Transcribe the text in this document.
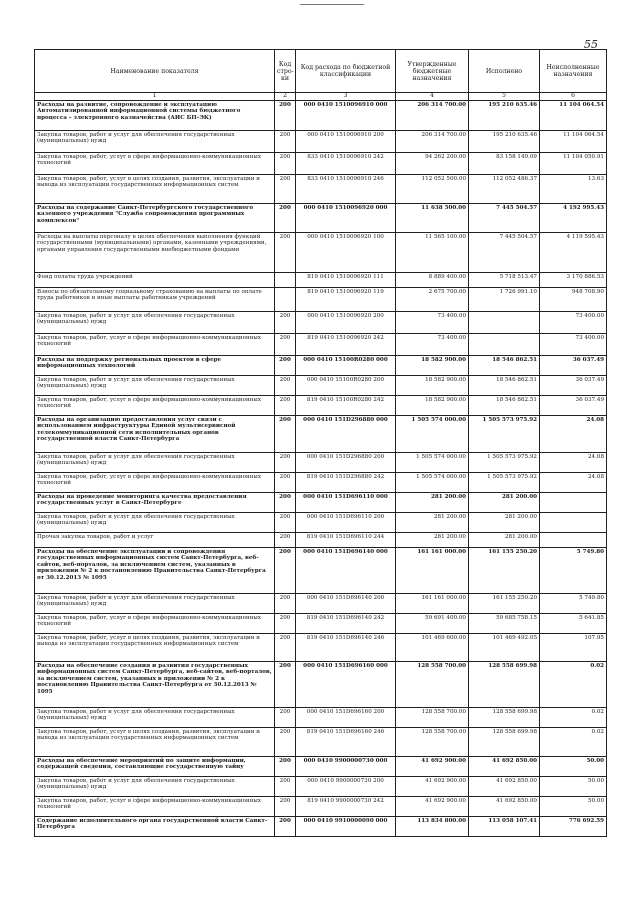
55
Наименование показателя	Код стро-ки	Код расхода по бюджетной классификации	Утвержденные бюджетные назначения	Исполнено	Неисполненные назначения
1	2	3	4	5	6
Расходы на развитие, сопровождение и эксплуатацию Автоматизированной информационной системы бюджетного процесса – электронного казначейства (АИС БП–ЭК)	200	000 0410 1510096910 000	206 314 700.00	195 210 635.46	11 104 064.54
Закупка товаров, работ и услуг для обеспечения государственных (муниципальных) нужд	200	000 0410 1510096910 200	206 314 700.00	195 210 635.46	11 104 064.54
Закупка товаров, работ, услуг в сфере информационно-коммуникационных технологий	200	833 0410 1510096910 242	94 262 200.00	83 158 149.09	11 104 050.91
Закупка товаров, работ, услуг в целях создания, развития, эксплуатации и вывода из эксплуатации государственных информационных систем	200	833 0410 1510096910 246	112 052 500.00	112 052 486.37	13.63
Расходы на содержание Санкт-Петербургского государственного казенного учреждения "Служба сопровождения программных комплексов"	200	000 0410 1510096920 000	11 638 500.00	7 445 504.57	4 192 995.43
Расходы на выплаты персоналу в целях обеспечения выполнения функций государственными (муниципальными) органами, казенными учреждениями, органами управления государственными внебюджетными фондами	200	000 0410 1510096920 100	11 565 100.00	7 445 504.57	4 119 595.43
Фонд оплаты труда учреждений		819 0410 1510096920 111	8 889 400.00	5 718 513.47	3 170 886.53
Взносы по обязательному социальному страхованию на выплаты по оплате труда работников и иные выплаты работникам учреждений		819 0410 1510096920 119	2 675 700.00	1 726 991.10	948 708.90
Закупка товаров, работ и услуг для обеспечения государственных (муниципальных) нужд	200	000 0410 1510096920 200	73 400.00		73 400.00
Закупка товаров, работ, услуг в сфере информационно-коммуникационных технологий	200	819 0410 1510096920 242	73 400.00		73 400.00
Расходы на поддержку региональных проектов в сфере информационных технологий	200	000 0410 15100R0280 000	18 582 900.00	18 546 862.51	36 037.49
Закупка товаров, работ и услуг для обеспечения государственных (муниципальных) нужд	200	000 0410 15100R0280 200	18 582 900.00	18 546 862.51	36 037.49
Закупка товаров, работ, услуг в сфере информационно-коммуникационных технологий	200	819 0410 15100R0280 242	18 582 900.00	18 546 862.51	36 037.49
Расходы на организацию предоставления услуг связи с использованием инфраструктуры Единой мультисервисной телекоммуникационной сети исполнительных органов государственной власти Санкт-Петербурга	200	000 0410 151D296880 000	1 505 574 000.00	1 505 573 975.92	24.08
Закупка товаров, работ и услуг для обеспечения государственных (муниципальных) нужд	200	000 0410 151D296880 200	1 505 574 000.00	1 505 573 975.92	24.08
Закупка товаров, работ, услуг в сфере информационно-коммуникационных технологий	200	819 0410 151D296880 242	1 505 574 000.00	1 505 573 975.92	24.08
Расходы на проведение мониторинга качества предоставления государственных услуг в Санкт-Петербурге	200	000 0410 151D696110 000	281 200.00	281 200.00	
Закупка товаров, работ и услуг для обеспечения государственных (муниципальных) нужд	200	000 0410 151D696110 200	281 200.00	281 200.00	
Прочая закупка товаров, работ и услуг	200	819 0410 151D696110 244	281 200.00	281 200.00	
Расходы на обеспечение эксплуатации и сопровождения государственных информационных систем Санкт-Петербурга, веб-сайтов, веб-порталов, за исключением систем, указанных в приложении № 2 к постановлению Правительства Санкт-Петербурга от 30.12.2013 № 1095	200	000 0410 151D696140 000	161 161 000.00	161 155 250.20	5 749.80
Закупка товаров, работ и услуг для обеспечения государственных (муниципальных) нужд	200	000 0410 151D696140 200	161 161 000.00	161 155 250.20	5 749.80
Закупка товаров, работ, услуг в сфере информационно-коммуникационных технологий	200	819 0410 151D696140 242	59 691 400.00	59 685 758.15	5 641.85
Закупка товаров, работ, услуг в целях создания, развития, эксплуатации и вывода из эксплуатации государственных информационных систем	200	819 0410 151D696140 246	101 469 600.00	101 469 492.05	107.95
Расходы на обеспечение создания и развития государственных информационных систем Санкт-Петербурга, веб-сайтов, веб-порталов, за исключением систем, указанных в приложении № 2 к постановлению Правительства Санкт-Петербурга от 30.12.2013 № 1095	200	000 0410 151D696160 000	128 558 700.00	128 558 699.98	0.02
Закупка товаров, работ и услуг для обеспечения государственных (муниципальных) нужд	200	000 0410 151D696160 200	128 558 700.00	128 558 699.98	0.02
Закупка товаров, работ, услуг в целях создания, развития, эксплуатации и вывода из эксплуатации государственных информационных систем	200	819 0410 151D696160 246	128 558 700.00	128 558 699.98	0.02
Расходы на обеспечение мероприятий по защите информации, содержащей сведения, составляющие государственную тайну	200	000 0410 9900000730 000	41 692 900.00	41 692 850.00	50.00
Закупка товаров, работ и услуг для обеспечения государственных (муниципальных) нужд	200	000 0410 9900000730 200	41 692 900.00	41 692 850.00	50.00
Закупка товаров, работ, услуг в сфере информационно-коммуникационных технологий	200	819 0410 9900000730 242	41 692 900.00	41 692 850.00	50.00
Содержание исполнительного органа государственной власти Санкт-Петербурга	200	000 0410 9910000090 000	113 834 800.00	113 058 107.41	776 692.59
